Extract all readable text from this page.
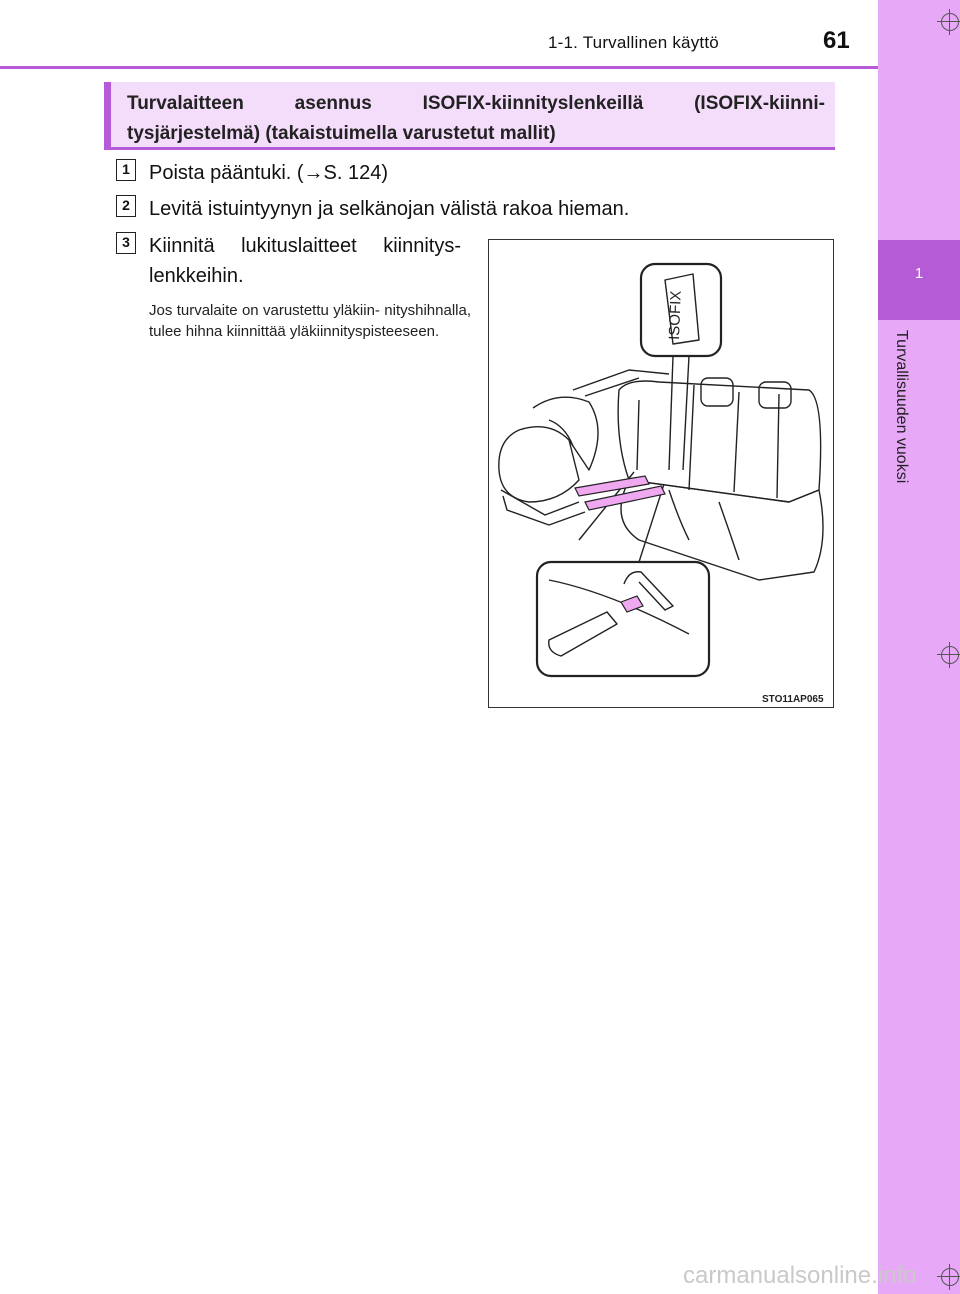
1-1. Turvallinen käyttö	61
1
Turvallisuuden vuoksi
Turvalaitteen asennus ISOFIX-kiinnityslenkeillä (ISOFIX-kiinni- tysjärjestelmä) (takaistuimella varustetut mallit)
1 Poista pääntuki. (→S. 124)
2 Levitä istuintyynyn ja selkänojan välistä rakoa hieman.
3 Kiinnitä lukituslaitteet kiinnitys- lenkkeihin.
Jos turvalaite on varustettu yläkiin- nityshihnalla, tulee hihna kiinnittää yläkiinnityspisteeseen.	ISOFIX
STO11AP065
carmanualsonline.info
